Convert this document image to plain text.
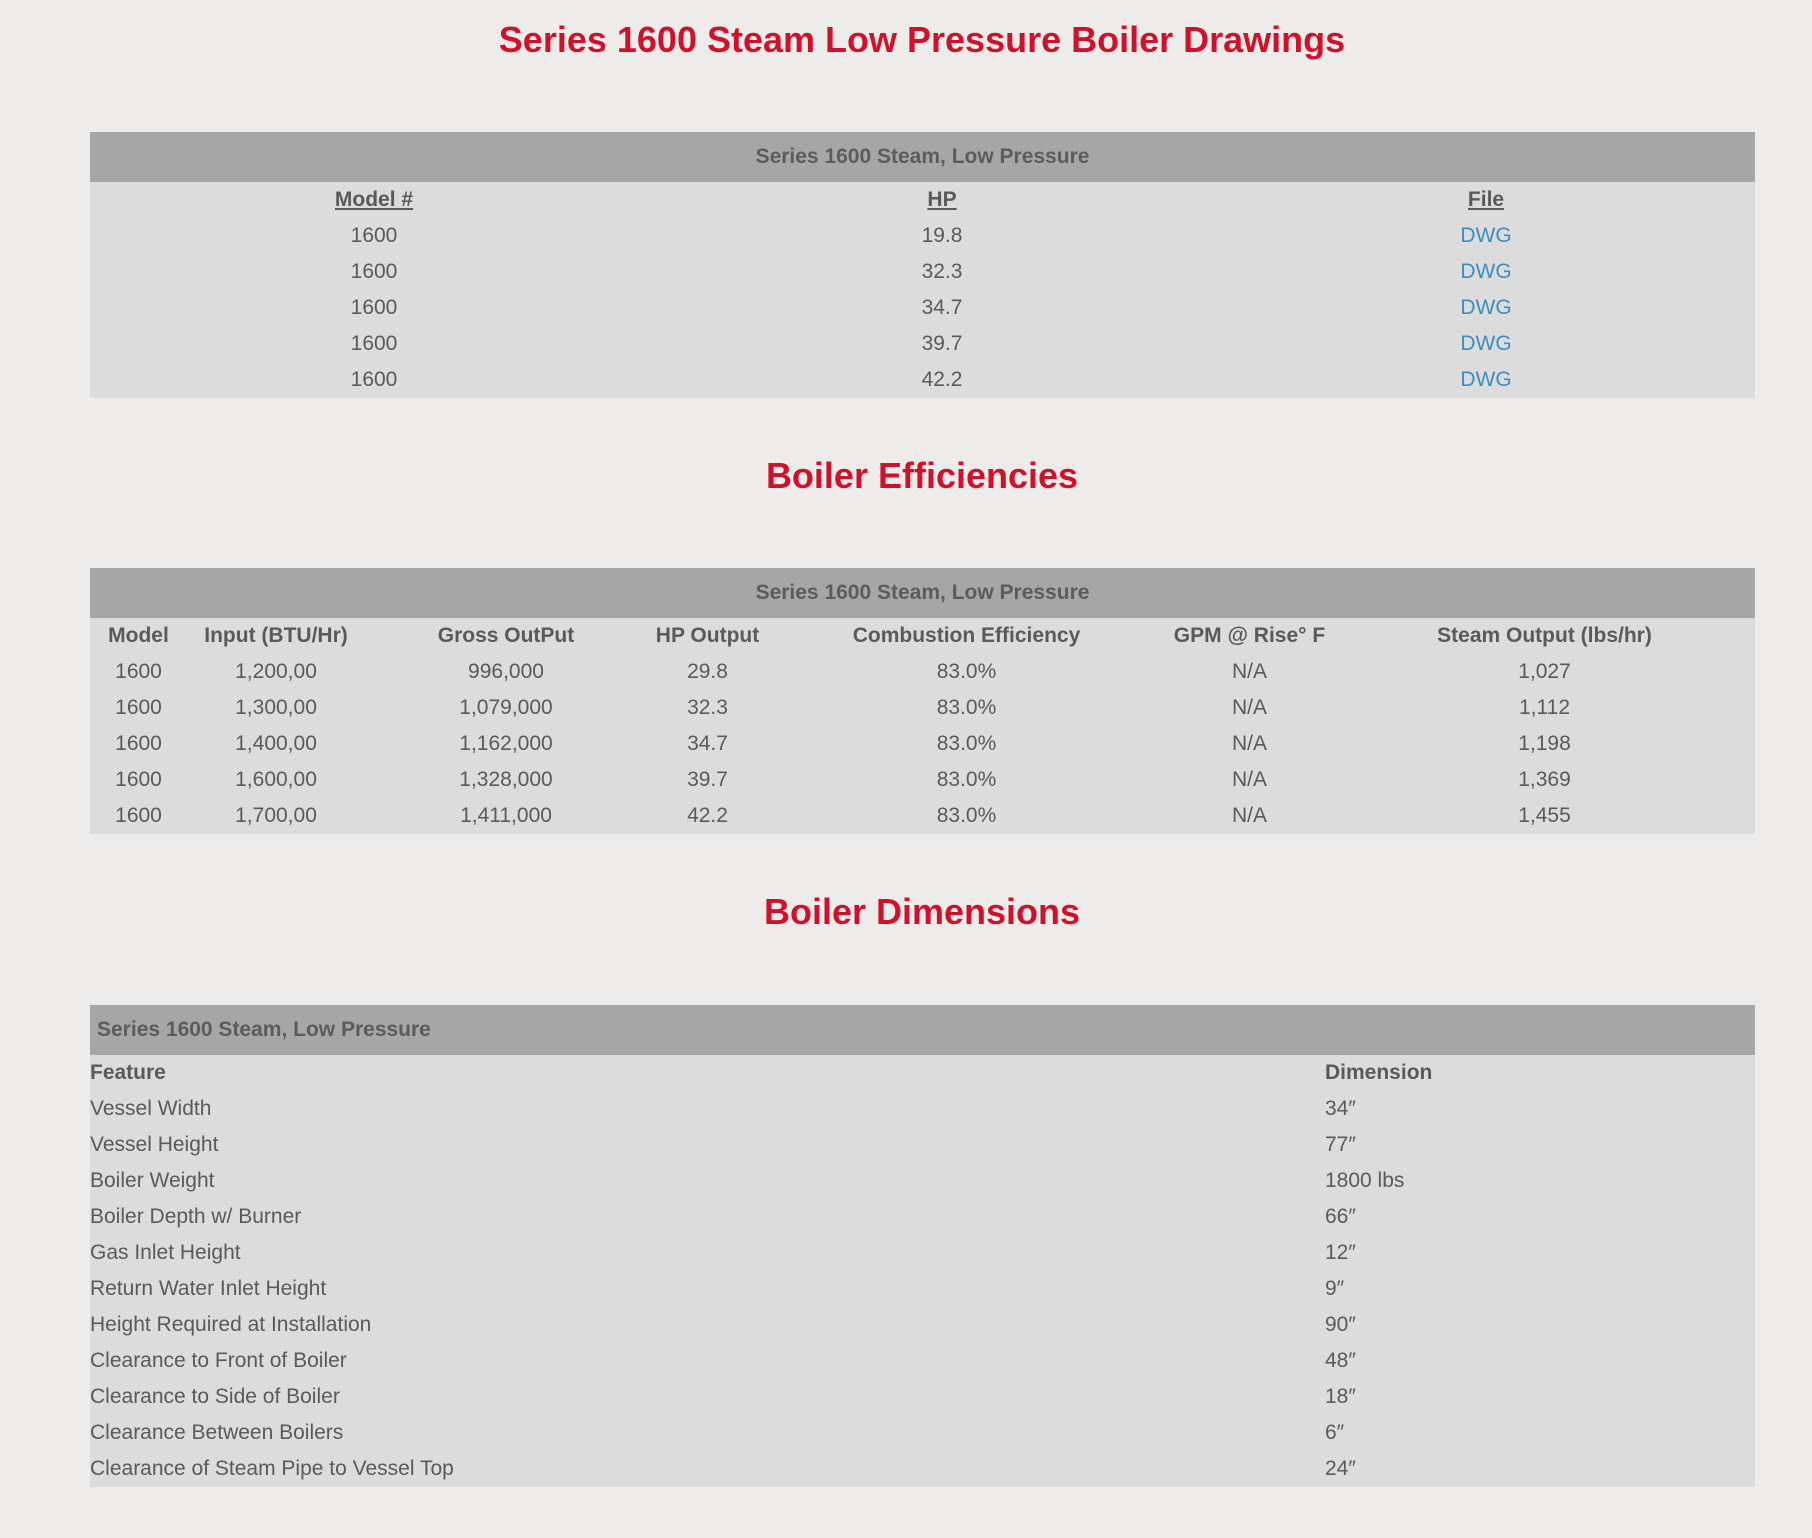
Series 1600 Steam Low Pressure Boiler Drawings
Series 1600 Steam, Low Pressure
Model #	HP	File
1600	19.8	DWG
1600	32.3	DWG
1600	34.7	DWG
1600	39.7	DWG
1600	42.2	DWG
Boiler Efficiencies
Series 1600 Steam, Low Pressure
Model	Input (BTU/Hr)	Gross OutPut	HP Output	Combustion Efficiency	GPM @ Rise° F	Steam Output (lbs/hr)
1600	1,200,00	996,000	29.8	83.0%	N/A	1,027
1600	1,300,00	1,079,000	32.3	83.0%	N/A	1,112
1600	1,400,00	1,162,000	34.7	83.0%	N/A	1,198
1600	1,600,00	1,328,000	39.7	83.0%	N/A	1,369
1600	1,700,00	1,411,000	42.2	83.0%	N/A	1,455
Boiler Dimensions
Series 1600 Steam, Low Pressure
Feature	Dimension
Vessel Width	34″
Vessel Height	77″
Boiler Weight	1800 lbs
Boiler Depth w/ Burner	66″
Gas Inlet Height	12″
Return Water Inlet Height	9″
Height Required at Installation	90″
Clearance to Front of Boiler	48″
Clearance to Side of Boiler	18″
Clearance Between Boilers	6″
Clearance of Steam Pipe to Vessel Top	24″
